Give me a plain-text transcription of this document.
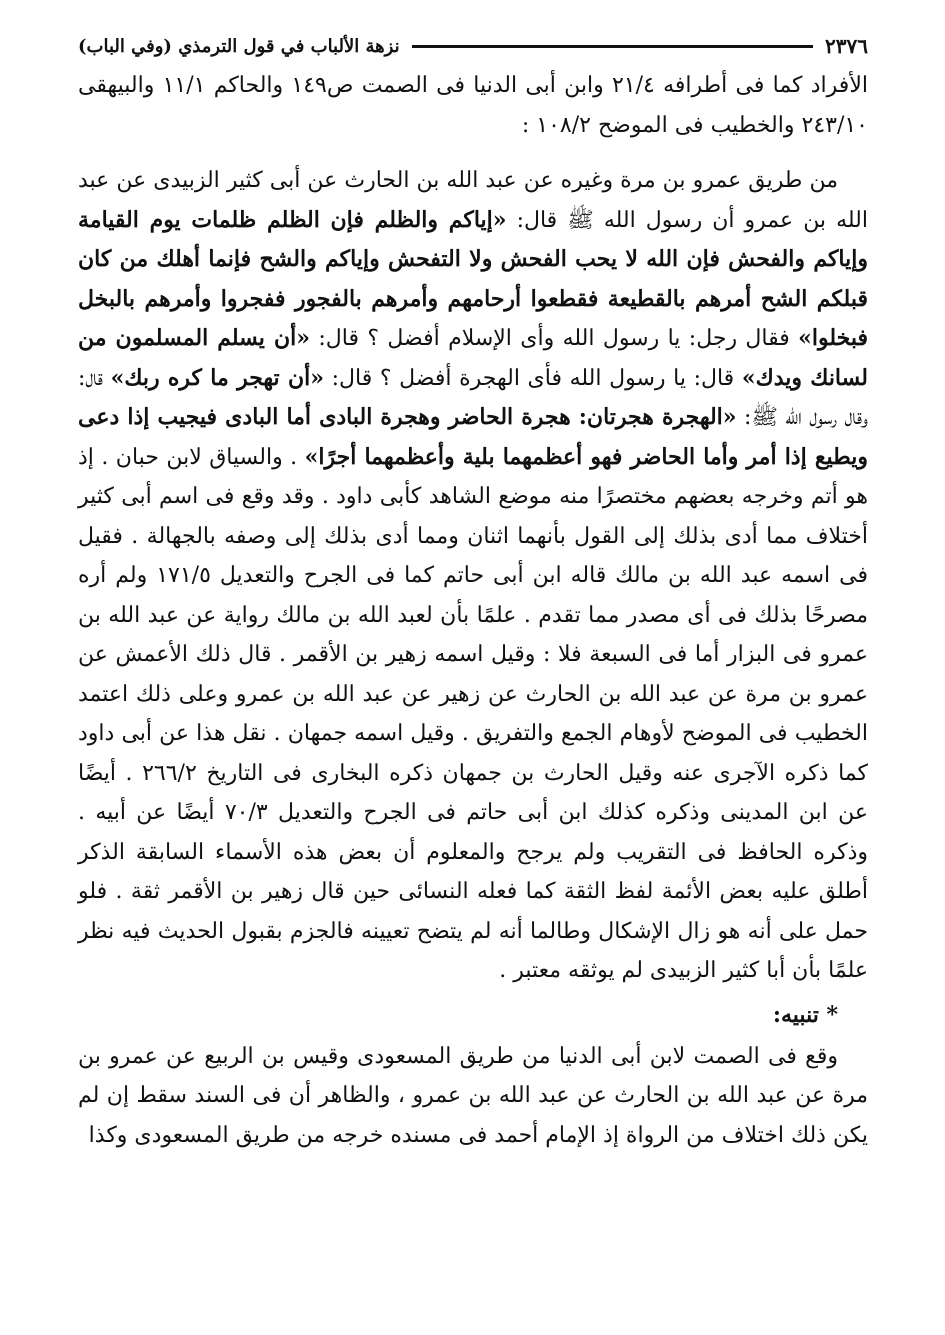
٢٣٧٦
نزهة الألباب في قول الترمذي (وفي الباب)

الأفراد كما فى أطرافه ٢١/٤ وابن أبى الدنيا فى الصمت ص١٤٩ والحاكم ١١/١ والبيهقى ٢٤٣/١٠ والخطيب فى الموضح ١٠٨/٢ :

من طريق عمرو بن مرة وغيره عن عبد الله بن الحارث عن أبى كثير الزبيدى عن عبد الله بن عمرو أن رسول الله ﷺ قال: «إياكم والظلم فإن الظلم ظلمات يوم القيامة وإياكم والفحش فإن الله لا يحب الفحش ولا التفحش وإياكم والشح فإنما أهلك من كان قبلكم الشح أمرهم بالقطيعة فقطعوا أرحامهم وأمرهم بالفجور ففجروا وأمرهم بالبخل فبخلوا» فقال رجل: يا رسول الله وأى الإسلام أفضل ؟ قال: «أن يسلم المسلمون من لسانك ويدك» قال: يا رسول الله فأى الهجرة أفضل ؟ قال: «أن تهجر ما كره ربك» قال: وقال رسول الله ﷺ: «الهجرة هجرتان: هجرة الحاضر وهجرة البادى أما البادى فيجيب إذا دعى ويطيع إذا أمر وأما الحاضر فهو أعظمهما بلية وأعظمهما أجرًا» . والسياق لابن حبان . إذ هو أتم وخرجه بعضهم مختصرًا منه موضع الشاهد كأبى داود . وقد وقع فى اسم أبى كثير أختلاف مما أدى بذلك إلى القول بأنهما اثنان ومما أدى بذلك إلى وصفه بالجهالة . فقيل فى اسمه عبد الله بن مالك قاله ابن أبى حاتم كما فى الجرح والتعديل ١٧١/٥ ولم أره مصرحًا بذلك فى أى مصدر مما تقدم . علمًا بأن لعبد الله بن مالك رواية عن عبد الله بن عمرو فى البزار أما فى السبعة فلا : وقيل اسمه زهير بن الأقمر . قال ذلك الأعمش عن عمرو بن مرة عن عبد الله بن الحارث عن زهير عن عبد الله بن عمرو وعلى ذلك اعتمد الخطيب فى الموضح لأوهام الجمع والتفريق . وقيل اسمه جمهان . نقل هذا عن أبى داود كما ذكره الآجرى عنه وقيل الحارث بن جمهان ذكره البخارى فى التاريخ ٢٦٦/٢ . أيضًا عن ابن المدينى وذكره كذلك ابن أبى حاتم فى الجرح والتعديل ٧٠/٣ أيضًا عن أبيه . وذكره الحافظ فى التقريب ولم يرجح والمعلوم أن بعض هذه الأسماء السابقة الذكر أطلق عليه بعض الأئمة لفظ الثقة كما فعله النسائى حين قال زهير بن الأقمر ثقة . فلو حمل على أنه هو زال الإشكال وطالما أنه لم يتضح تعيينه فالجزم بقبول الحديث فيه نظر علمًا بأن أبا كثير الزبيدى لم يوثقه معتبر .

* تنبيه:

وقع فى الصمت لابن أبى الدنيا من طريق المسعودى وقيس بن الربيع عن عمرو بن مرة عن عبد الله بن الحارث عن عبد الله بن عمرو ، والظاهر أن فى السند سقط إن لم يكن ذلك اختلاف من الرواة إذ الإمام أحمد فى مسنده خرجه من طريق المسعودى وكذا
